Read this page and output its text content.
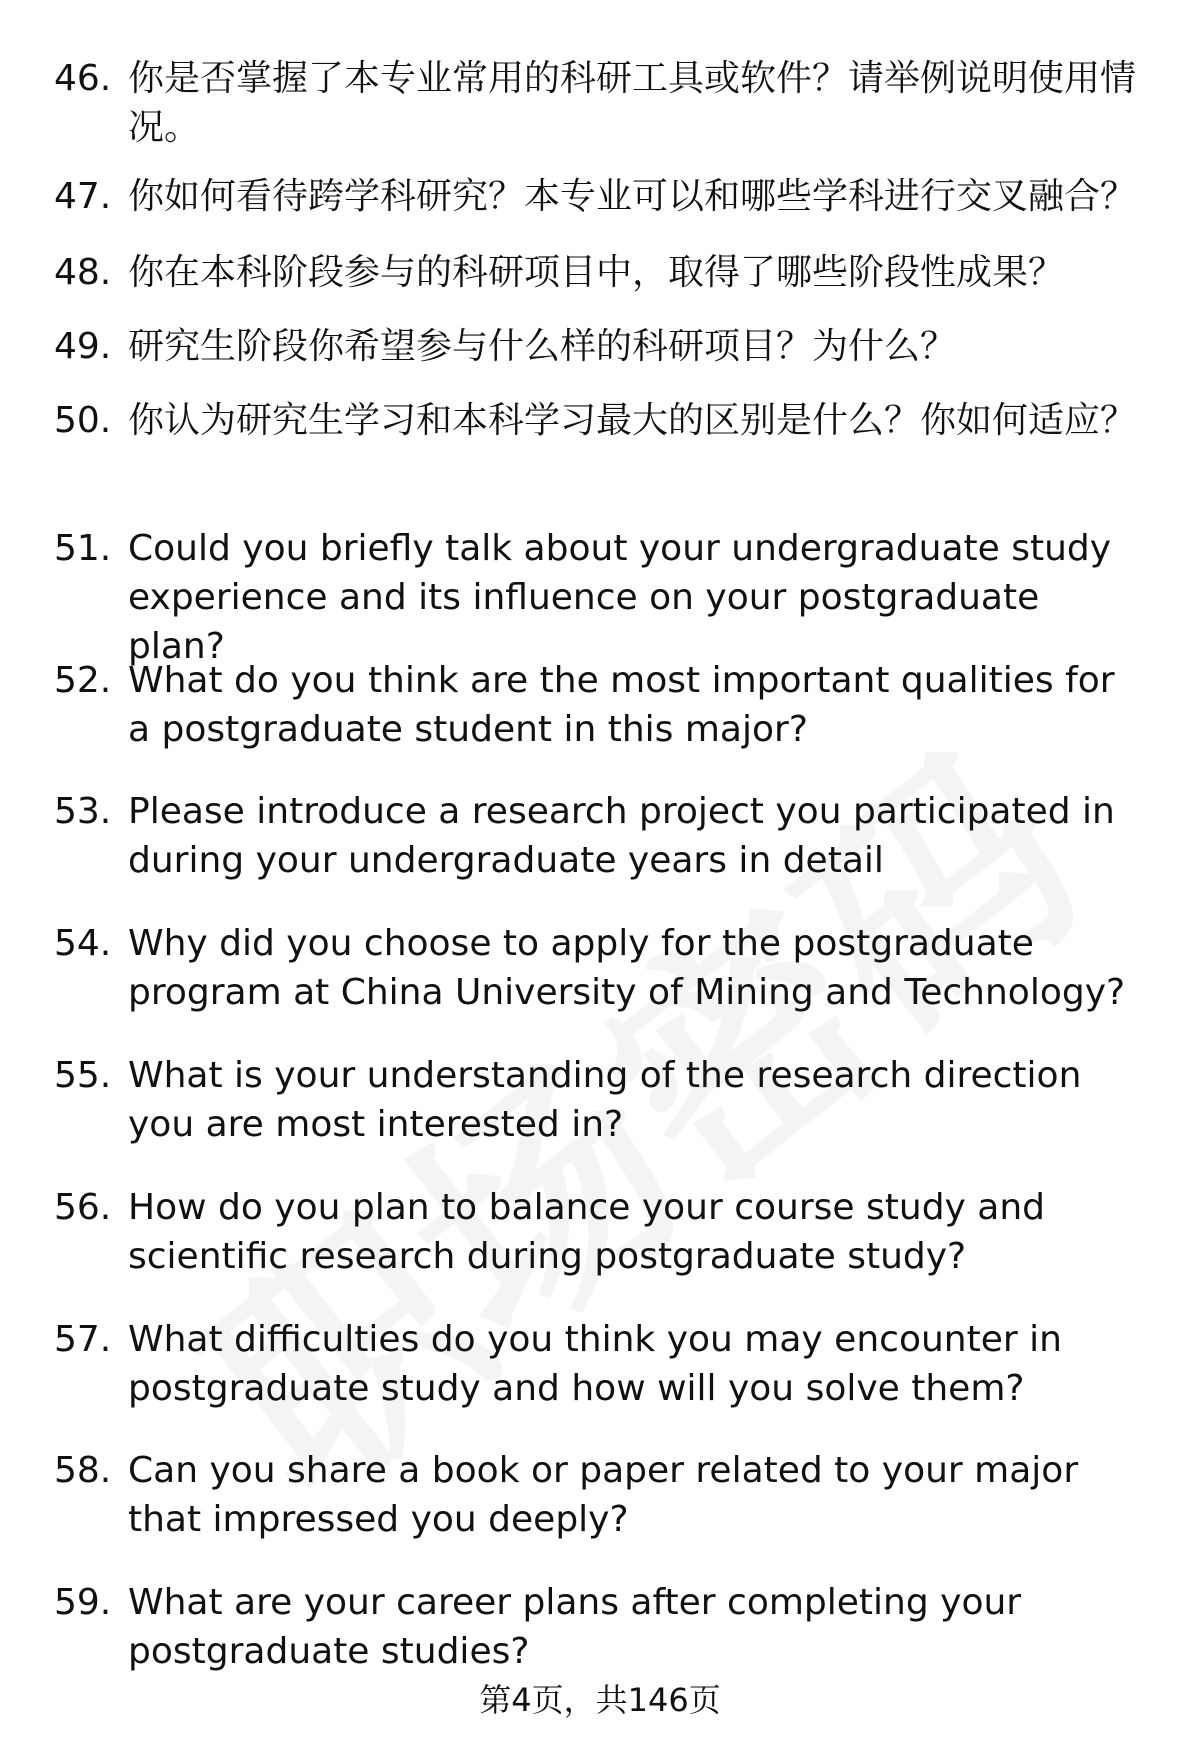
46. 你是否掌握了本专业常用的科研工具或软件？请举例说明使用情况。
47. 你如何看待跨学科研究？本专业可以和哪些学科进行交叉融合？
48. 你在本科阶段参与的科研项目中，取得了哪些阶段性成果？
49. 研究生阶段你希望参与什么样的科研项目？为什么？
50. 你认为研究生学习和本科学习最大的区别是什么？你如何适应？
51. Could you briefly talk about your undergraduate study experience and its influence on your postgraduate plan?
52. What do you think are the most important qualities for a postgraduate student in this major?
53. Please introduce a research project you participated in during your undergraduate years in detail
54. Why did you choose to apply for the postgraduate program at China University of Mining and Technology?
55. What is your understanding of the research direction you are most interested in?
56. How do you plan to balance your course study and scientific research during postgraduate study?
57. What difficulties do you think you may encounter in postgraduate study and how will you solve them?
58. Can you share a book or paper related to your major that impressed you deeply?
59. What are your career plans after completing your postgraduate studies?
第4页，共146页
